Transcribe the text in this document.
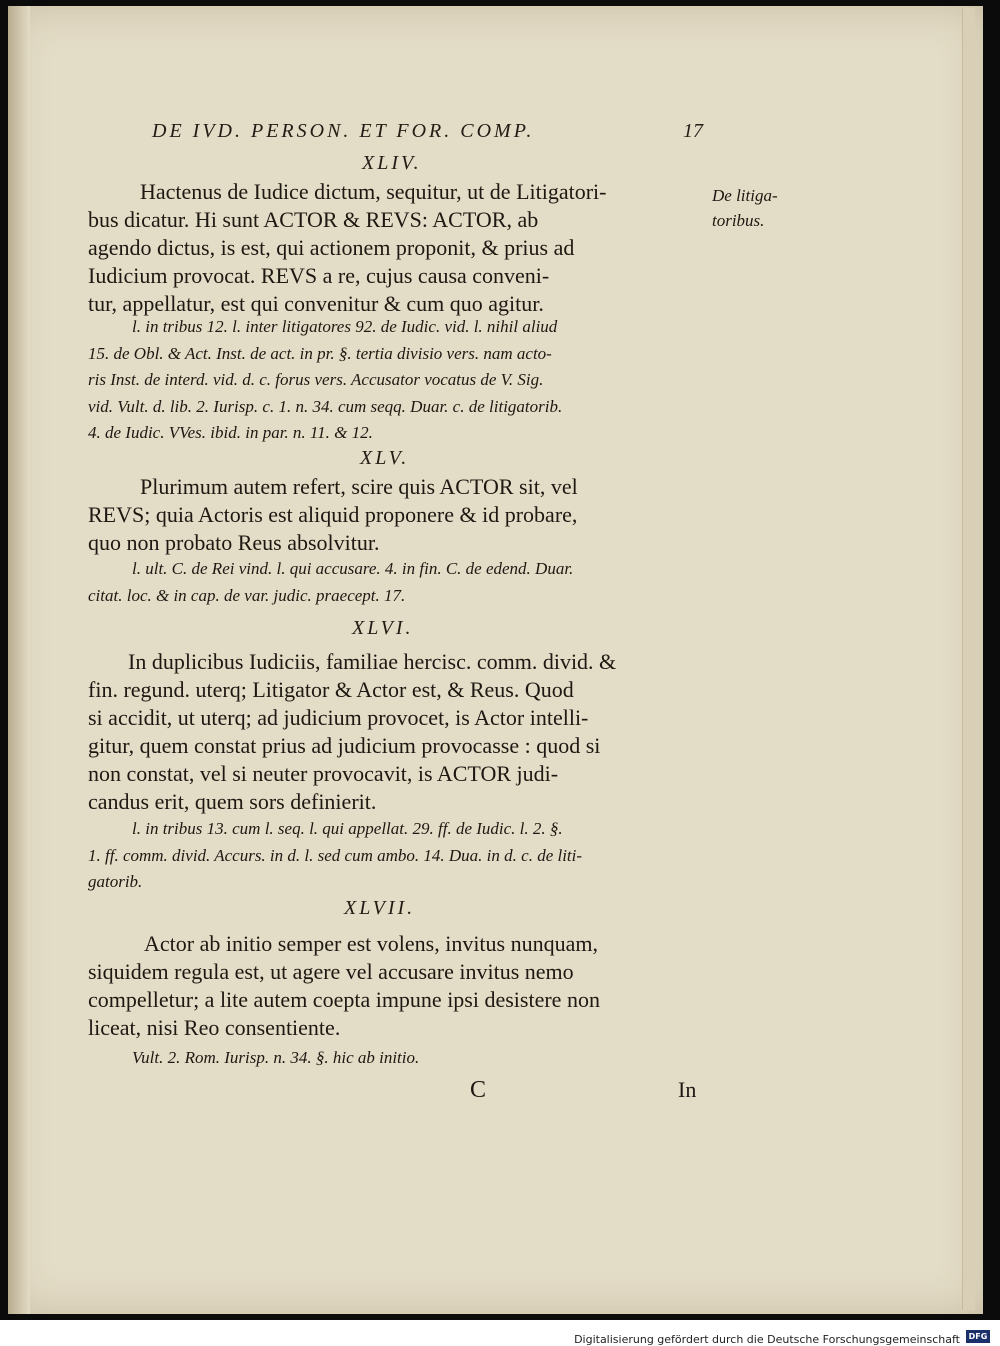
DE IVD. PERSON. ET FOR. COMP.	17
De litiga-
toribus.
XLIV.
Hactenus de Iudice dictum, sequitur, ut de Litigatori-
bus dicatur. Hi sunt ACTOR & REVS: ACTOR, ab
agendo dictus, is est, qui actionem proponit, & prius ad
Iudicium provocat. REVS a re, cujus causa conveni-
tur, appellatur, est qui convenitur & cum quo agitur.
l. in tribus 12. l. inter litigatores 92. de Iudic. vid. l. nihil aliud
15. de Obl. & Act. Inst. de act. in pr. §. tertia divisio vers. nam acto-
ris Inst. de interd. vid. d. c. forus vers. Accusator vocatus de V. Sig.
vid. Vult. d. lib. 2. Iurisp. c. 1. n. 34. cum seqq. Duar. c. de litigatorib.
4. de Iudic. VVes. ibid. in par. n. 11. & 12.
XLV.
Plurimum autem refert, scire quis ACTOR sit, vel
REVS; quia Actoris est aliquid proponere & id probare,
quo non probato Reus absolvitur.
l. ult. C. de Rei vind. l. qui accusare. 4. in fin. C. de edend. Duar.
citat. loc. & in cap. de var. judic. praecept. 17.
XLVI.
In duplicibus Iudiciis, familiae hercisc. comm. divid. &
fin. regund. uterq; Litigator & Actor est, & Reus. Quod
si accidit, ut uterq; ad judicium provocet, is Actor intelli-
gitur, quem constat prius ad judicium provocasse : quod si
non constat, vel si neuter provocavit, is ACTOR judi-
candus erit, quem sors definierit.
l. in tribus 13. cum l. seq. l. qui appellat. 29. ff. de Iudic. l. 2. §.
1. ff. comm. divid. Accurs. in d. l. sed cum ambo. 14. Dua. in d. c. de liti-
gatorib.
XLVII.
Actor ab initio semper est volens, invitus nunquam,
siquidem regula est, ut agere vel accusare invitus nemo
compelletur; a lite autem coepta impune ipsi desistere non
liceat, nisi Reo consentiente.
Vult. 2. Rom. Iurisp. n. 34. §. hic ab initio.
C	In
Digitalisierung gefördert durch die Deutsche Forschungsgemeinschaft	DFG
